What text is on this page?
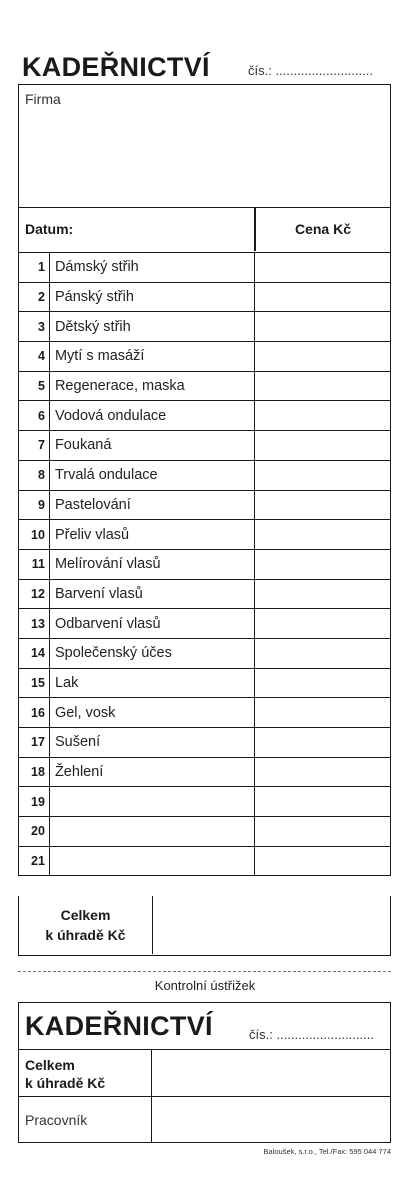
KADEŘNICTVÍ	čís.: ...........................
Firma
Datum:	Cena Kč
1	Dámský střih	
2	Pánský střih	
3	Dětský střih	
4	Mytí s masáží	
5	Regenerace, maska	
6	Vodová ondulace	
7	Foukaná	
8	Trvalá ondulace	
9	Pastelování	
10	Přeliv vlasů	
11	Melírování vlasů	
12	Barvení vlasů	
13	Odbarvení vlasů	
14	Společenský účes	
15	Lak	
16	Gel, vosk	
17	Sušení	
18	Žehlení	
19		
20		
21		
Celkem
k úhradě Kč
Kontrolní ústřižek
KADEŘNICTVÍ	čís.: ...........................
Celkem
k úhradě Kč
Pracovník
Baloušek, s.r.o., Tel./Fax: 595 044 774
